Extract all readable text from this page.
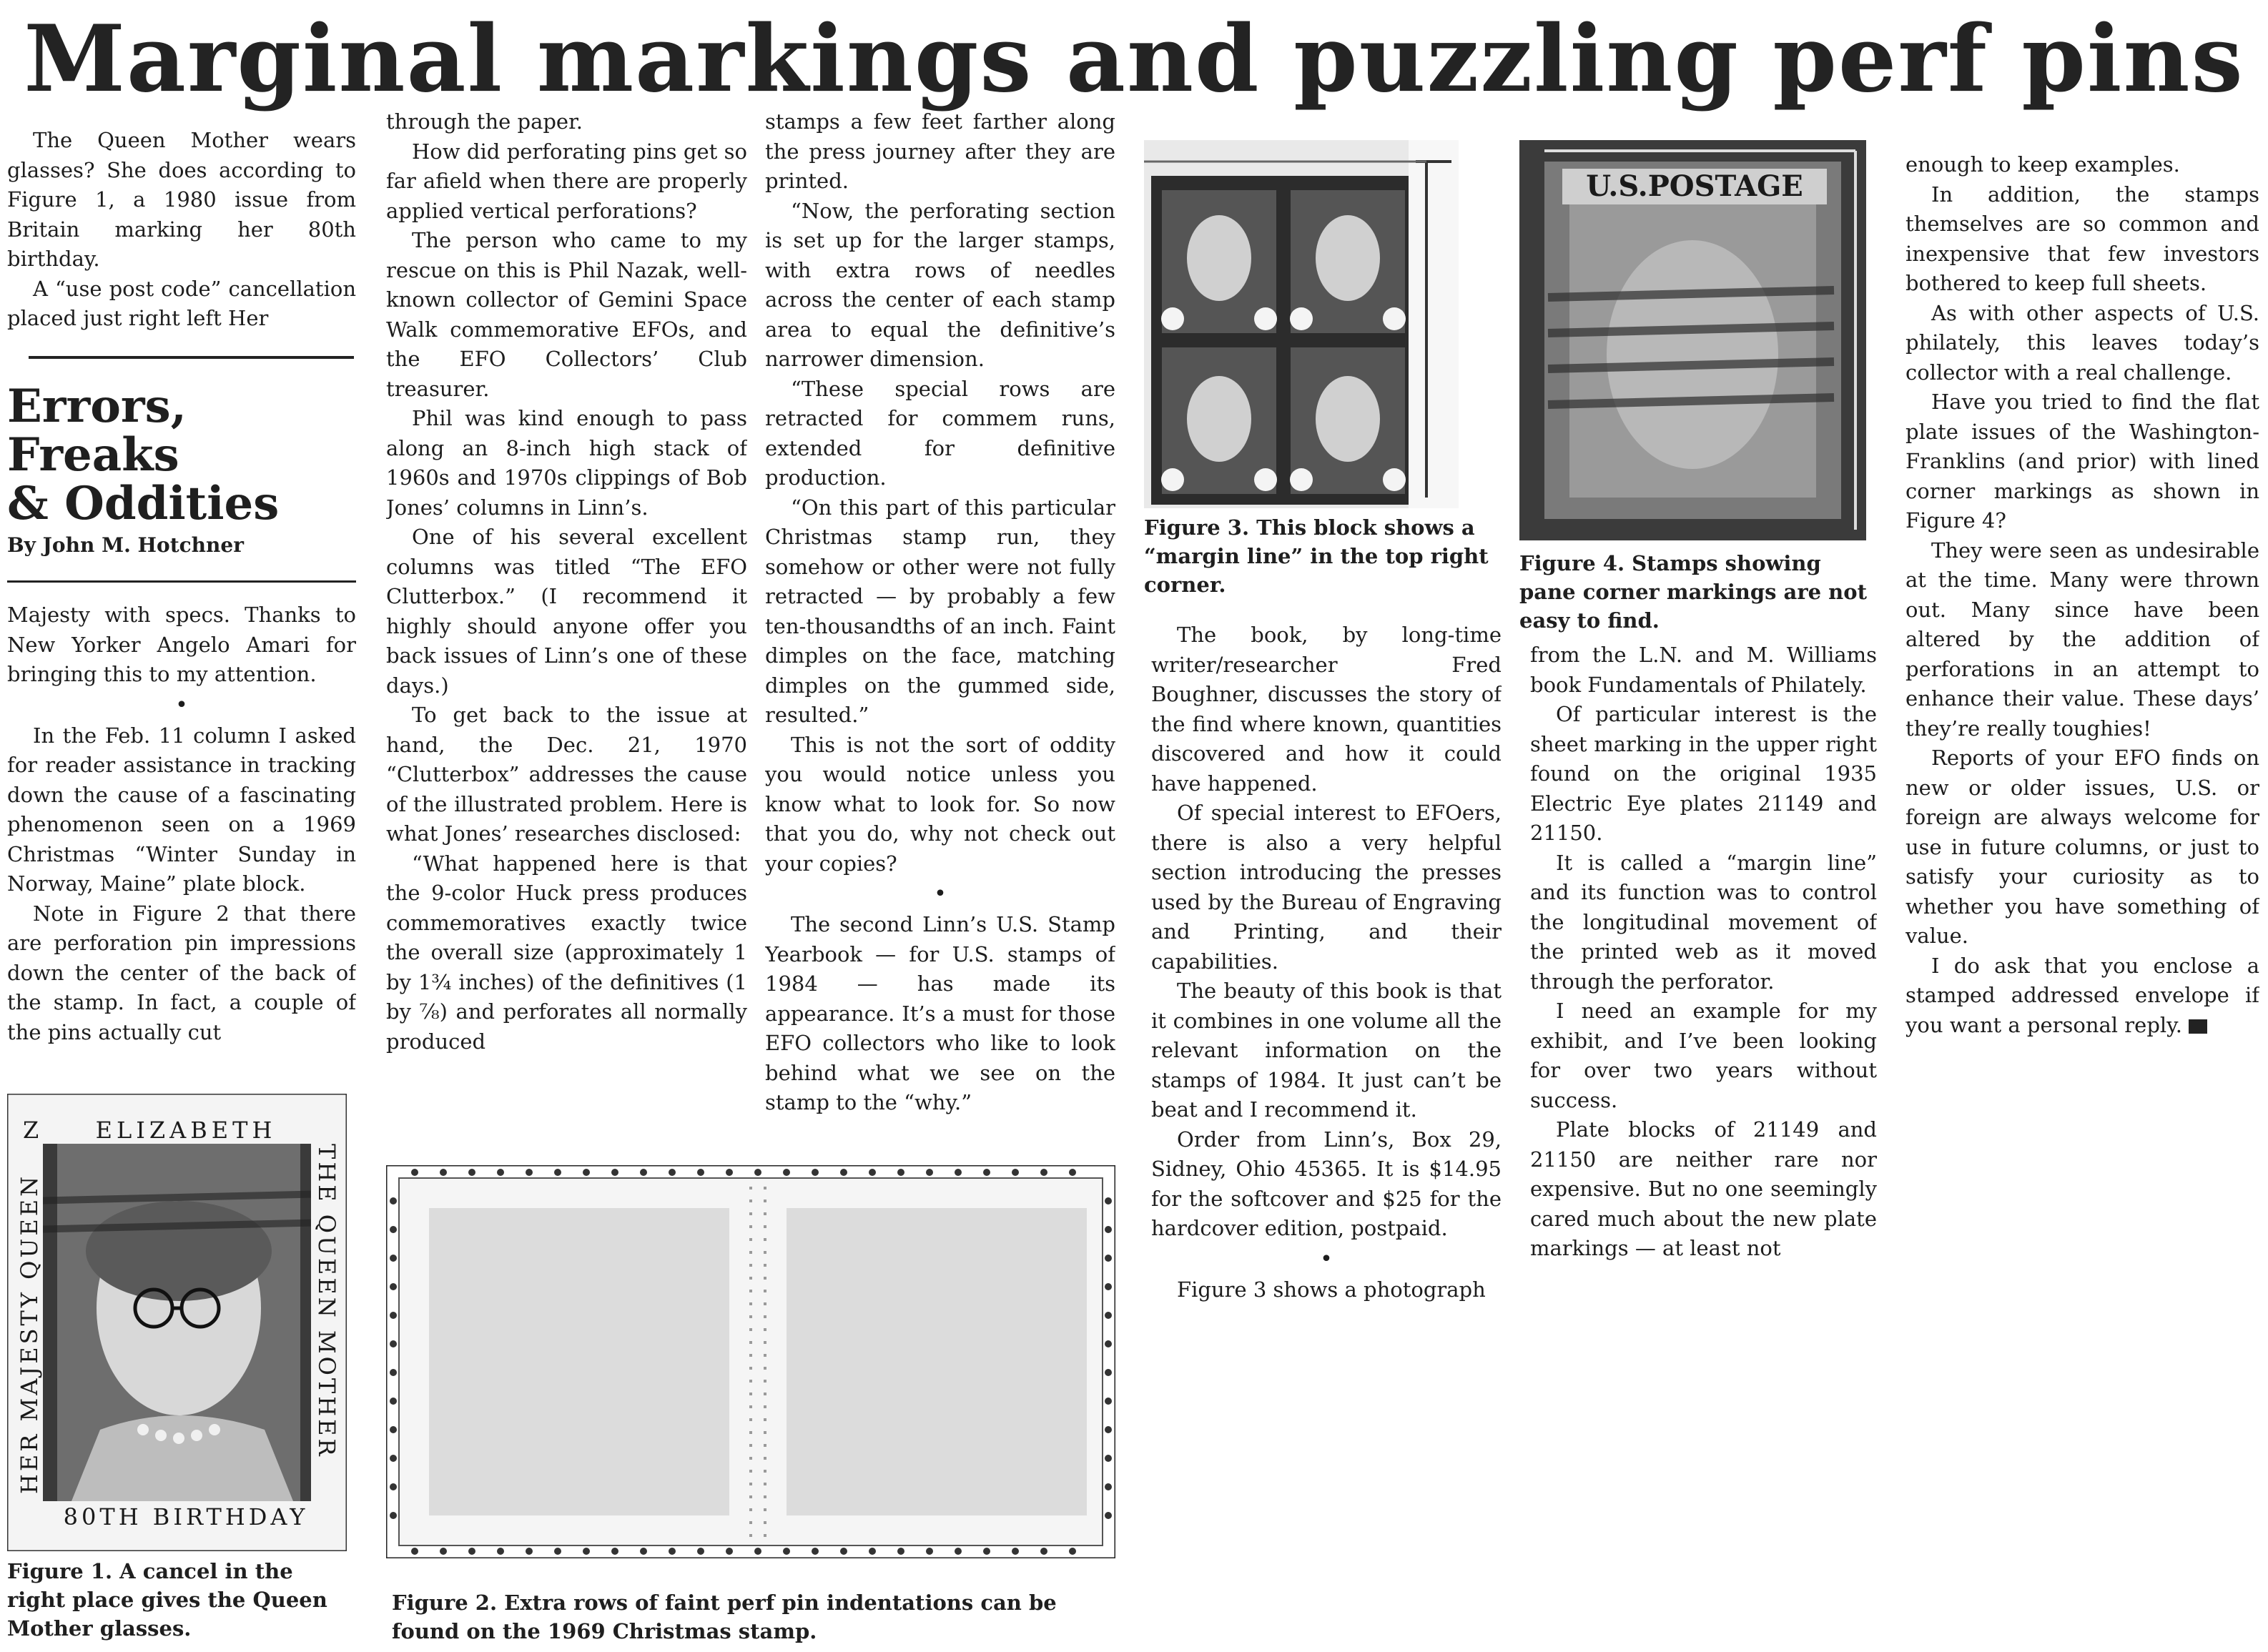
Marginal markings and puzzling perf pins

The Queen Mother wears glasses? She does according to Figure 1, a 1980 issue from Britain marking her 80th birthday.

A “use post code” cancellation placed just right left Her

Errors,
Freaks
& Oddities
By John M. Hotchner

Majesty with specs. Thanks to New Yorker Angelo Amari for bringing this to my attention.

•

In the Feb. 11 column I asked for reader assistance in tracking down the cause of a fascinating phenomenon seen on a 1969 Christmas “Winter Sunday in Norway, Maine” plate block.

Note in Figure 2 that there are perforation pin impressions down the center of the back of the stamp. In fact, a couple of the pins actually cut

Z ELIZABETH
80TH BIRTHDAY
HER MAJESTY QUEEN	THE QUEEN MOTHER
Figure 1. A cancel in the right place gives the Queen Mother glasses.

through the paper.

How did perforating pins get so far afield when there are properly applied vertical perforations?

The person who came to my rescue on this is Phil Nazak, well-known collector of Gemini Space Walk commemorative EFOs, and the EFO Collectors’ Club treasurer.

Phil was kind enough to pass along an 8-inch high stack of 1960s and 1970s clippings of Bob Jones’ columns in Linn’s.

One of his several excellent columns was titled “The EFO Clutterbox.” (I recommend it highly should anyone offer you back issues of Linn’s one of these days.)

To get back to the issue at hand, the Dec. 21, 1970 “Clutterbox” addresses the cause of the illustrated problem. Here is what Jones’ researches disclosed:

“What happened here is that the 9-color Huck press produces commemoratives exactly twice the overall size (approximately 1 by 1¾ inches) of the definitives (1 by ⅞) and perforates all normally produced

stamps a few feet farther along the press journey after they are printed.

“Now, the perforating section is set up for the larger stamps, with extra rows of needles across the center of each stamp area to equal the definitive’s narrower dimension.

“These special rows are retracted for commem runs, extended for definitive production.

“On this part of this particular Christmas stamp run, they somehow or other were not fully retracted — by probably a few ten-thousandths of an inch. Faint dimples on the face, matching dimples on the gummed side, resulted.”

This is not the sort of oddity you would notice unless you know what to look for. So now that you do, why not check out your copies?

•

The second Linn’s U.S. Stamp Yearbook — for U.S. stamps of 1984 — has made its appearance. It’s a must for those EFO collectors who like to look behind what we see on the stamp to the “why.”

Figure 2. Extra rows of faint perf pin indentations can be found on the 1969 Christmas stamp.
Figure 3. This block shows a “margin line” in the top right corner.

The book, by long-time writer/researcher Fred Boughner, discusses the story of the find where known, quantities discovered and how it could have happened.

Of special interest to EFOers, there is also a very helpful section introducing the presses used by the Bureau of Engraving and Printing, and their capabilities.

The beauty of this book is that it combines in one volume all the relevant information on the stamps of 1984. It just can’t be beat and I recommend it.

Order from Linn’s, Box 29, Sidney, Ohio 45365. It is $14.95 for the softcover and $25 for the hardcover edition, postpaid.

•

Figure 3 shows a photograph

U.S.POSTAGE
Figure 4. Stamps showing pane corner markings are not easy to find.

from the L.N. and M. Williams book Fundamentals of Philately.

Of particular interest is the sheet marking in the upper right found on the original 1935 Electric Eye plates 21149 and 21150.

It is called a “margin line” and its function was to control the longitudinal movement of the printed web as it moved through the perforator.

I need an example for my exhibit, and I’ve been looking for over two years without success.

Plate blocks of 21149 and 21150 are neither rare nor expensive. But no one seemingly cared much about the new plate markings — at least not

enough to keep examples.

In addition, the stamps themselves are so common and inexpensive that few investors bothered to keep full sheets.

As with other aspects of U.S. philately, this leaves today’s collector with a real challenge.

Have you tried to find the flat plate issues of the Washington-Franklins (and prior) with lined corner markings as shown in Figure 4?

They were seen as undesirable at the time. Many were thrown out. Many since have been altered by the addition of perforations in an attempt to enhance their value. These days’ they’re really toughies!

Reports of your EFO finds on new or older issues, U.S. or foreign are always welcome for use in future columns, or just to satisfy your curiosity as to whether you have something of value.

I do ask that you enclose a stamped addressed envelope if you want a personal reply.
